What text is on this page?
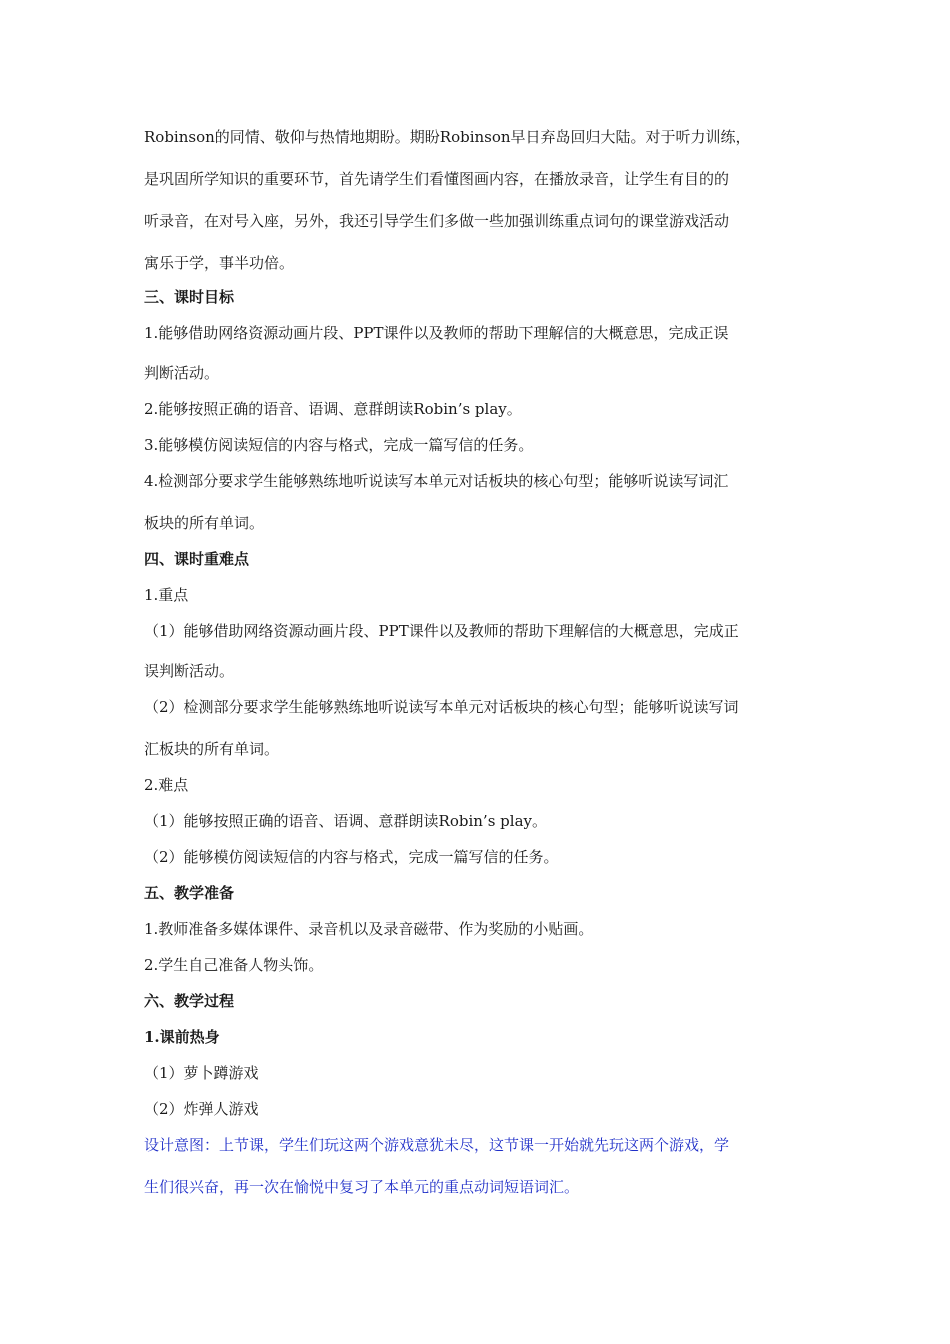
Robinson的同情、敬仰与热情地期盼。期盼Robinson早日弃岛回归大陆。对于听力训练，

是巩固所学知识的重要环节，首先请学生们看懂图画内容，在播放录音，让学生有目的的

听录音，在对号入座，另外，我还引导学生们多做一些加强训练重点词句的课堂游戏活动

寓乐于学，事半功倍。

三、课时目标

1.能够借助网络资源动画片段、PPT课件以及教师的帮助下理解信的大概意思，完成正误

判断活动。

2.能够按照正确的语音、语调、意群朗读Robin’s play。

3.能够模仿阅读短信的内容与格式，完成一篇写信的任务。

4.检测部分要求学生能够熟练地听说读写本单元对话板块的核心句型；能够听说读写词汇

板块的所有单词。

四、课时重难点

1.重点

（1）能够借助网络资源动画片段、PPT课件以及教师的帮助下理解信的大概意思，完成正

误判断活动。

（2）检测部分要求学生能够熟练地听说读写本单元对话板块的核心句型；能够听说读写词

汇板块的所有单词。

2.难点

（1）能够按照正确的语音、语调、意群朗读Robin’s play。

（2）能够模仿阅读短信的内容与格式，完成一篇写信的任务。

五、教学准备

1.教师准备多媒体课件、录音机以及录音磁带、作为奖励的小贴画。

2.学生自己准备人物头饰。

六、教学过程

1.课前热身

（1）萝卜蹲游戏

（2）炸弹人游戏

设计意图：上节课，学生们玩这两个游戏意犹未尽，这节课一开始就先玩这两个游戏，学

生们很兴奋，再一次在愉悦中复习了本单元的重点动词短语词汇。
